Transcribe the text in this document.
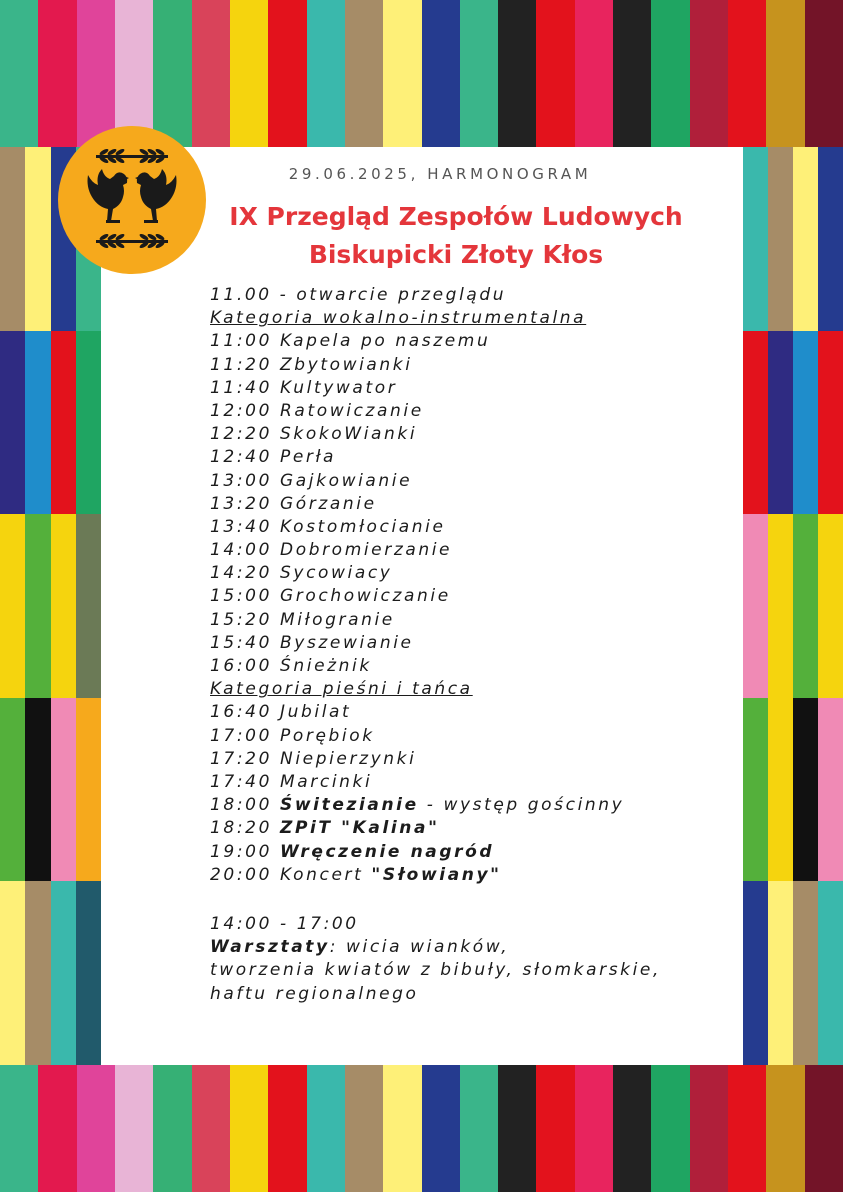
29.06.2025, HARMONOGRAM
IX Przegląd Zespołów Ludowych
Biskupicki Złoty Kłos
11.00 - otwarcie przeglądu
Kategoria wokalno-instrumentalna
11:00 Kapela po naszemu
11:20 Zbytowianki
11:40 Kultywator
12:00 Ratowiczanie
12:20 SkokoWianki
12:40 Perła
13:00 Gajkowianie
13:20 Górzanie
13:40 Kostomłocianie
14:00 Dobromierzanie
14:20 Sycowiacy
15:00 Grochowiczanie
15:20 Miłogranie
15:40 Byszewianie
16:00 Śnieżnik
Kategoria pieśni i tańca
16:40 Jubilat
17:00 Porębiok
17:20 Niepierzynki
17:40 Marcinki
18:00 Świtezianie - występ gościnny
18:20 ZPiT "Kalina"
19:00 Wręczenie nagród
20:00 Koncert "Słowiany"
14:00 - 17:00
Warsztaty: wicia wianków,
tworzenia kwiatów z bibuły, słomkarskie,
haftu regionalnego
